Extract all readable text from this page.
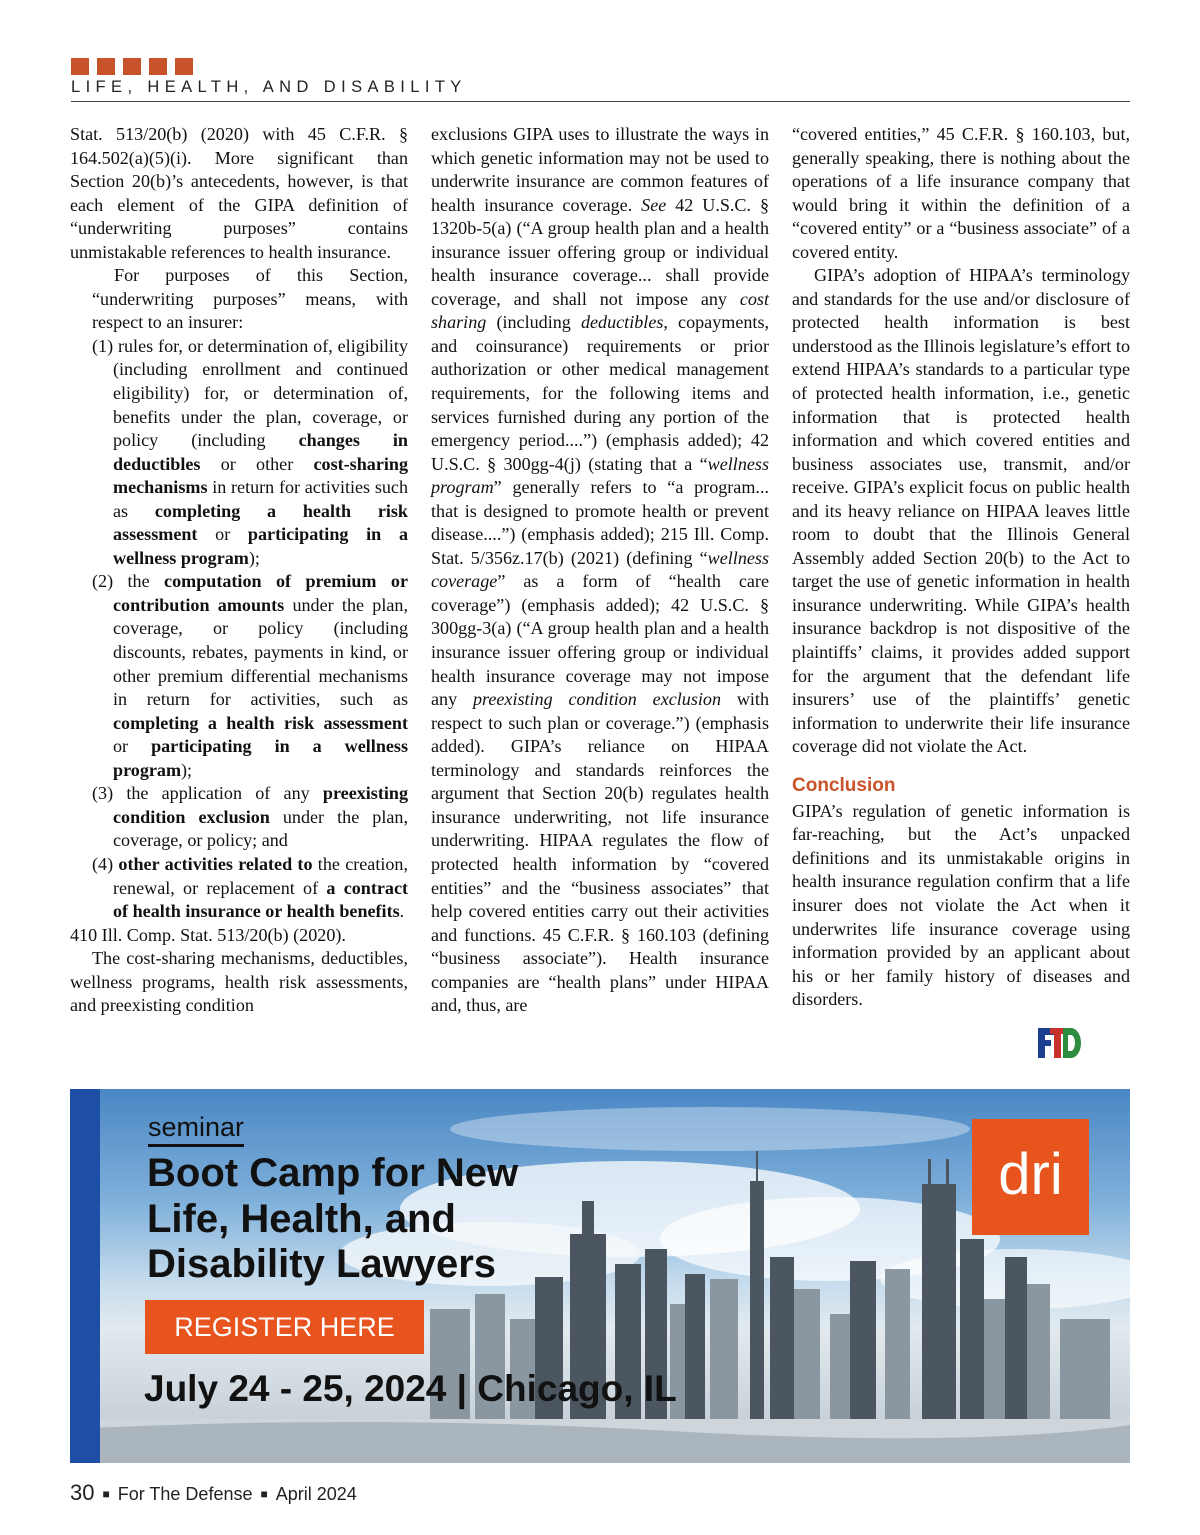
LIFE, HEALTH, AND DISABILITY

Stat. 513/20(b) (2020) with 45 C.F.R. § 164.502(a)(5)(i). More significant than Section 20(b)’s antecedents, however, is that each element of the GIPA definition of “underwriting purposes” contains unmistakable references to health insurance.

For purposes of this Section, “underwriting purposes” means, with respect to an insurer:

(1) rules for, or determination of, eligibility (including enrollment and continued eligibility) for, or determination of, benefits under the plan, coverage, or policy (including changes in deductibles or other cost-sharing mechanisms in return for activities such as completing a health risk assessment or participating in a wellness program);

(2) the computation of premium or contribution amounts under the plan, coverage, or policy (including discounts, rebates, payments in kind, or other premium differential mechanisms in return for activities, such as completing a health risk assessment or participating in a wellness program);

(3) the application of any preexisting condition exclusion under the plan, coverage, or policy; and

(4) other activities related to the creation, renewal, or replacement of a contract of health insurance or health benefits.

410 Ill. Comp. Stat. 513/20(b) (2020).

The cost-sharing mechanisms, deductibles, wellness programs, health risk assessments, and preexisting condition

exclusions GIPA uses to illustrate the ways in which genetic information may not be used to underwrite insurance are common features of health insurance coverage. See 42 U.S.C. § 1320b-5(a) (“A group health plan and a health insurance issuer offering group or individual health insurance coverage... shall provide coverage, and shall not impose any cost sharing (including deductibles, copayments, and coinsurance) requirements or prior authorization or other medical management requirements, for the following items and services furnished during any portion of the emergency period....”) (emphasis added); 42 U.S.C. § 300gg-4(j) (stating that a “wellness program” generally refers to “a program... that is designed to promote health or prevent disease....”) (emphasis added); 215 Ill. Comp. Stat. 5/356z.17(b) (2021) (defining “wellness coverage” as a form of “health care coverage”) (emphasis added); 42 U.S.C. § 300gg-3(a) (“A group health plan and a health insurance issuer offering group or individual health insurance coverage may not impose any preexisting condition exclusion with respect to such plan or coverage.”) (emphasis added). GIPA’s reliance on HIPAA terminology and standards reinforces the argument that Section 20(b) regulates health insurance underwriting, not life insurance underwriting. HIPAA regulates the flow of protected health information by “covered entities” and the “business associates” that help covered entities carry out their activities and functions. 45 C.F.R. § 160.103 (defining “business associate”). Health insurance companies are “health plans” under HIPAA and, thus, are

“covered entities,” 45 C.F.R. § 160.103, but, generally speaking, there is nothing about the operations of a life insurance company that would bring it within the definition of a “covered entity” or a “business associate” of a covered entity.

GIPA’s adoption of HIPAA’s terminology and standards for the use and/or disclosure of protected health information is best understood as the Illinois legislature’s effort to extend HIPAA’s standards to a particular type of protected health information, i.e., genetic information that is protected health information and which covered entities and business associates use, transmit, and/or receive. GIPA’s explicit focus on public health and its heavy reliance on HIPAA leaves little room to doubt that the Illinois General Assembly added Section 20(b) to the Act to target the use of genetic information in health insurance underwriting. While GIPA’s health insurance backdrop is not dispositive of the plaintiffs’ claims, it provides added support for the argument that the defendant life insurers’ use of the plaintiffs’ genetic information to underwrite their life insurance coverage did not violate the Act.

Conclusion

GIPA’s regulation of genetic information is far-reaching, but the Act’s unpacked definitions and its unmistakable origins in health insurance regulation confirm that a life insurer does not violate the Act when it underwrites life insurance coverage using information provided by an applicant about his or her family history of diseases and disorders.

seminar
Boot Camp for New Life, Health, and Disability Lawyers
REGISTER HERE
July 24 - 25, 2024 | Chicago, IL
dri
30 ■ For The Defense ■ April 2024
